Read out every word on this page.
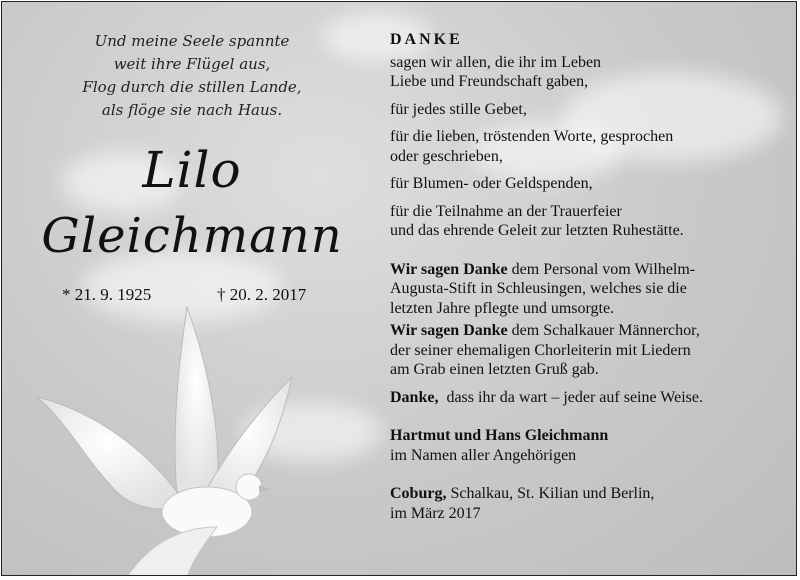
Und meine Seele spannte
weit ihre Flügel aus,
Flog durch die stillen Lande,
als flöge sie nach Haus.
Lilo
Gleichmann
* 21. 9. 1925	† 20. 2. 2017
DANKE
sagen wir allen, die ihr im Leben
Liebe und Freundschaft gaben,
für jedes stille Gebet,
für die lieben, tröstenden Worte, gesprochen
oder geschrieben,
für Blumen- oder Geldspenden,
für die Teilnahme an der Trauerfeier
und das ehrende Geleit zur letzten Ruhestätte.
Wir sagen Danke dem Personal vom Wilhelm-
Augusta-Stift in Schleusingen, welches sie die
letzten Jahre pflegte und umsorgte.
Wir sagen Danke dem Schalkauer Männerchor,
der seiner ehemaligen Chorleiterin mit Liedern
am Grab einen letzten Gruß gab.
Danke,  dass ihr da wart – jeder auf seine Weise.
Hartmut und Hans Gleichmann
im Namen aller Angehörigen
Coburg, Schalkau, St. Kilian und Berlin,
im März 2017
